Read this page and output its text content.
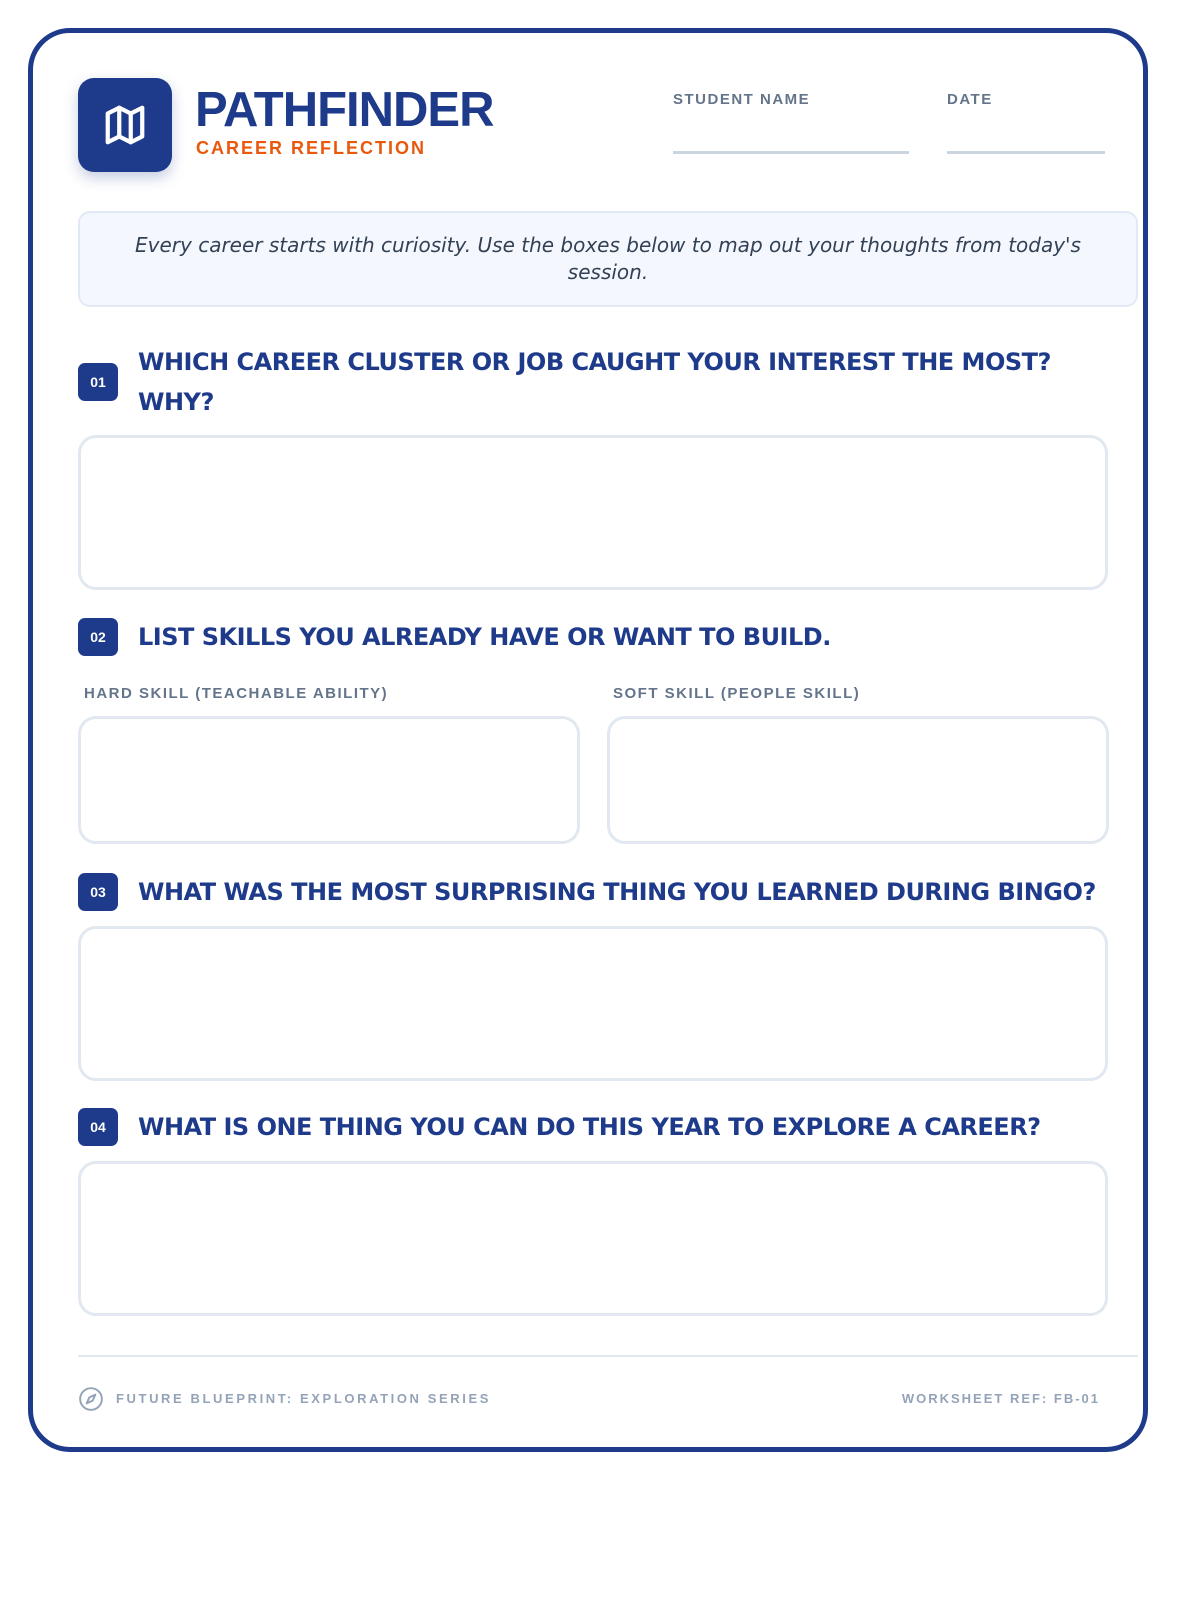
PATHFINDER
CAREER REFLECTION
STUDENT NAME	DATE
Every career starts with curiosity. Use the boxes below to map out your thoughts from today's session.
01
WHICH CAREER CLUSTER OR JOB CAUGHT YOUR INTEREST THE MOST? WHY?
02	LIST SKILLS YOU ALREADY HAVE OR WANT TO BUILD.
HARD SKILL (TEACHABLE ABILITY)	SOFT SKILL (PEOPLE SKILL)
03	WHAT WAS THE MOST SURPRISING THING YOU LEARNED DURING BINGO?
04	WHAT IS ONE THING YOU CAN DO THIS YEAR TO EXPLORE A CAREER?
FUTURE BLUEPRINT: EXPLORATION SERIES	WORKSHEET REF: FB-01
